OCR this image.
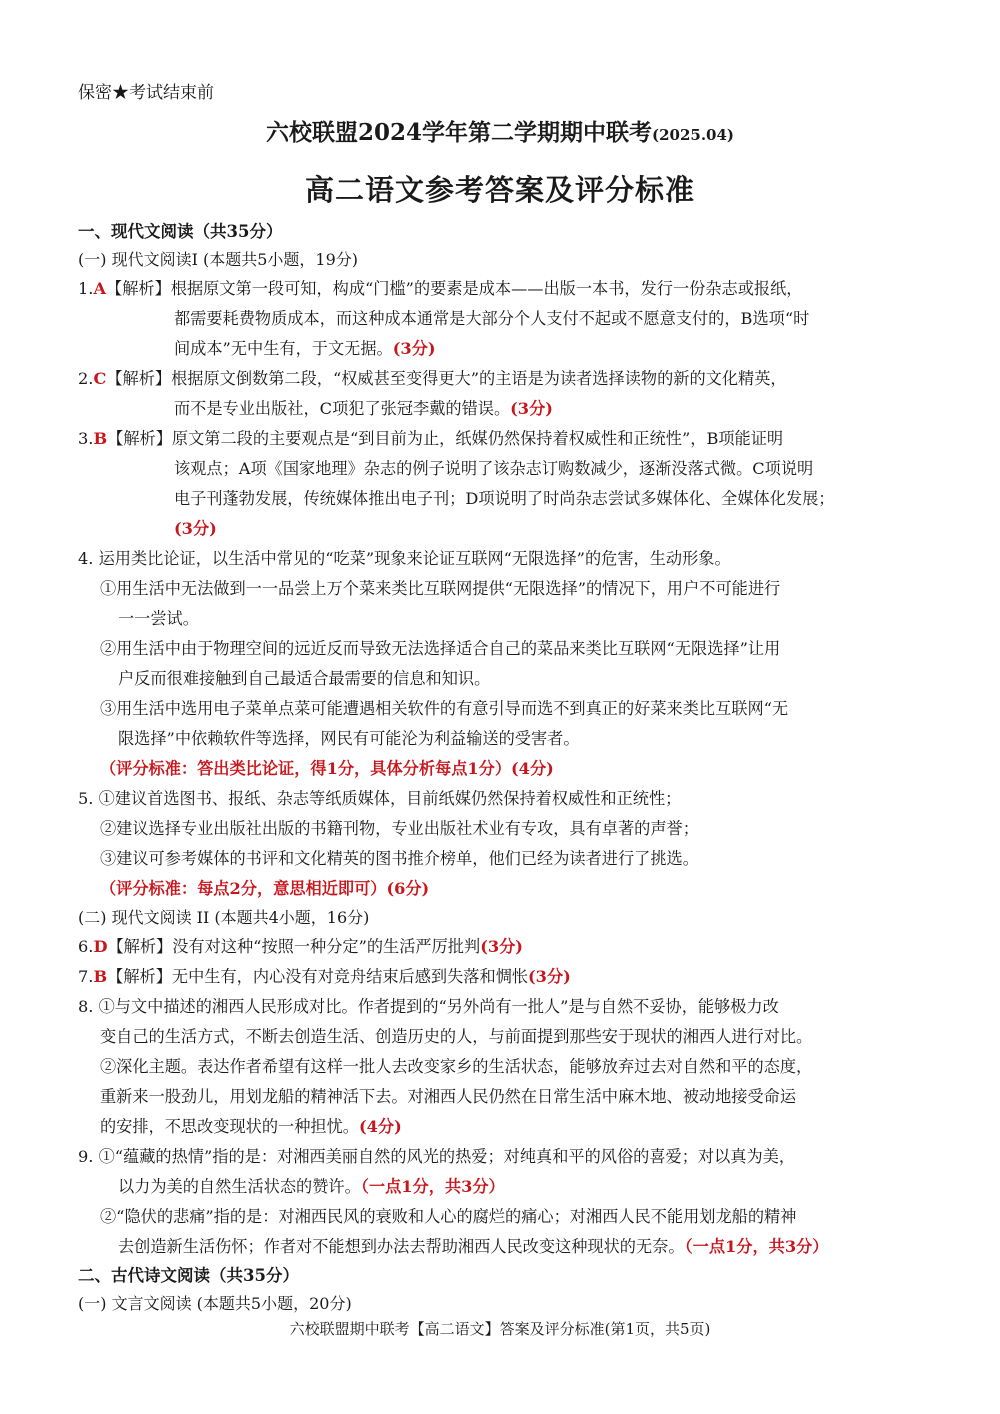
保密★考试结束前
六校联盟2024学年第二学期期中联考(2025.04)
高二语文参考答案及评分标准
一、现代文阅读（共35分）
(一) 现代文阅读I (本题共5小题，19分)
1.A【解析】根据原文第一段可知，构成“门槛”的要素是成本——出版一本书，发行一份杂志或报纸，
都需要耗费物质成本，而这种成本通常是大部分个人支付不起或不愿意支付的，B选项“时
间成本”无中生有，于文无据。(3分)
2.C【解析】根据原文倒数第二段，“权威甚至变得更大”的主语是为读者选择读物的新的文化精英，
而不是专业出版社，C项犯了张冠李戴的错误。(3分)
3.B【解析】原文第二段的主要观点是“到目前为止，纸媒仍然保持着权威性和正统性”，B项能证明
该观点；A项《国家地理》杂志的例子说明了该杂志订购数减少，逐渐没落式微。C项说明
电子刊蓬勃发展，传统媒体推出电子刊；D项说明了时尚杂志尝试多媒体化、全媒体化发展；
(3分)
4. 运用类比论证，以生活中常见的“吃菜”现象来论证互联网“无限选择”的危害，生动形象。
①用生活中无法做到一一品尝上万个菜来类比互联网提供“无限选择”的情况下，用户不可能进行
一一尝试。
②用生活中由于物理空间的远近反而导致无法选择适合自己的菜品来类比互联网“无限选择”让用
户反而很难接触到自己最适合最需要的信息和知识。
③用生活中选用电子菜单点菜可能遭遇相关软件的有意引导而选不到真正的好菜来类比互联网“无
限选择”中依赖软件等选择，网民有可能沦为利益输送的受害者。
（评分标准：答出类比论证，得1分，具体分析每点1分）(4分)
5. ①建议首选图书、报纸、杂志等纸质媒体，目前纸媒仍然保持着权威性和正统性；
②建议选择专业出版社出版的书籍刊物，专业出版社术业有专攻，具有卓著的声誉；
③建议可参考媒体的书评和文化精英的图书推介榜单，他们已经为读者进行了挑选。
（评分标准：每点2分，意思相近即可）(6分)
(二) 现代文阅读 II (本题共4小题，16分)
6.D【解析】没有对这种“按照一种分定”的生活严厉批判(3分)
7.B【解析】无中生有，内心没有对竞舟结束后感到失落和惆怅(3分)
8. ①与文中描述的湘西人民形成对比。作者提到的“另外尚有一批人”是与自然不妥协，能够极力改
变自己的生活方式，不断去创造生活、创造历史的人，与前面提到那些安于现状的湘西人进行对比。
②深化主题。表达作者希望有这样一批人去改变家乡的生活状态，能够放弃过去对自然和平的态度，
重新来一股劲儿，用划龙船的精神活下去。对湘西人民仍然在日常生活中麻木地、被动地接受命运
的安排，不思改变现状的一种担忧。(4分)
9. ①“蕴藏的热情”指的是：对湘西美丽自然的风光的热爱；对纯真和平的风俗的喜爱；对以真为美，
以力为美的自然生活状态的赞许。（一点1分，共3分）
②“隐伏的悲痛”指的是：对湘西民风的衰败和人心的腐烂的痛心；对湘西人民不能用划龙船的精神
去创造新生活伤怀；作者对不能想到办法去帮助湘西人民改变这种现状的无奈。（一点1分，共3分）
二、古代诗文阅读（共35分）
(一) 文言文阅读 (本题共5小题，20分)
六校联盟期中联考【高二语文】答案及评分标准(第1页，共5页)
